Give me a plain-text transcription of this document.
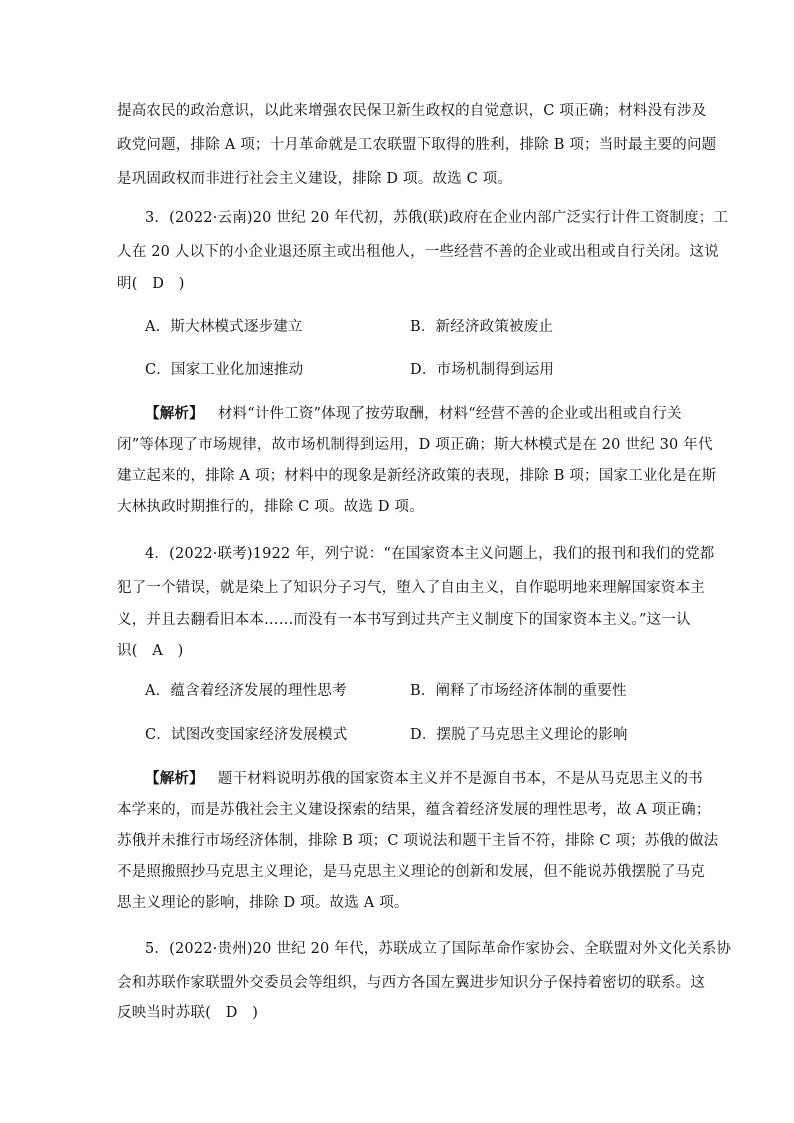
提高农民的政治意识，以此来增强农民保卫新生政权的自觉意识，C 项正确；材料没有涉及
政党问题，排除 A 项；十月革命就是工农联盟下取得的胜利，排除 B 项；当时最主要的问题
是巩固政权而非进行社会主义建设，排除 D 项。故选 C 项。
3．(2022·云南)20 世纪 20 年代初，苏俄(联)政府在企业内部广泛实行计件工资制度；工
人在 20 人以下的小企业退还原主或出租他人，一些经营不善的企业或出租或自行关闭。这说
明(　D　)
A．斯大林模式逐步建立	B．新经济政策被废止
C．国家工业化加速推动	D．市场机制得到运用
【解析】 材料“计件工资”体现了按劳取酬，材料“经营不善的企业或出租或自行关
闭”等体现了市场规律，故市场机制得到运用，D 项正确；斯大林模式是在 20 世纪 30 年代
建立起来的，排除 A 项；材料中的现象是新经济政策的表现，排除 B 项；国家工业化是在斯
大林执政时期推行的，排除 C 项。故选 D 项。
4．(2022·联考)1922 年，列宁说：“在国家资本主义问题上，我们的报刊和我们的党都
犯了一个错误，就是染上了知识分子习气，堕入了自由主义，自作聪明地来理解国家资本主
义，并且去翻看旧本本……而没有一本书写到过共产主义制度下的国家资本主义。”这一认
识(　A　)
A．蕴含着经济发展的理性思考	B．阐释了市场经济体制的重要性
C．试图改变国家经济发展模式	D．摆脱了马克思主义理论的影响
【解析】 题干材料说明苏俄的国家资本主义并不是源自书本，不是从马克思主义的书
本学来的，而是苏俄社会主义建设探索的结果，蕴含着经济发展的理性思考，故 A 项正确；
苏俄并未推行市场经济体制，排除 B 项；C 项说法和题干主旨不符，排除 C 项；苏俄的做法
不是照搬照抄马克思主义理论，是马克思主义理论的创新和发展，但不能说苏俄摆脱了马克
思主义理论的影响，排除 D 项。故选 A 项。
5．(2022·贵州)20 世纪 20 年代，苏联成立了国际革命作家协会、全联盟对外文化关系协
会和苏联作家联盟外交委员会等组织，与西方各国左翼进步知识分子保持着密切的联系。这
反映当时苏联(　D　)
